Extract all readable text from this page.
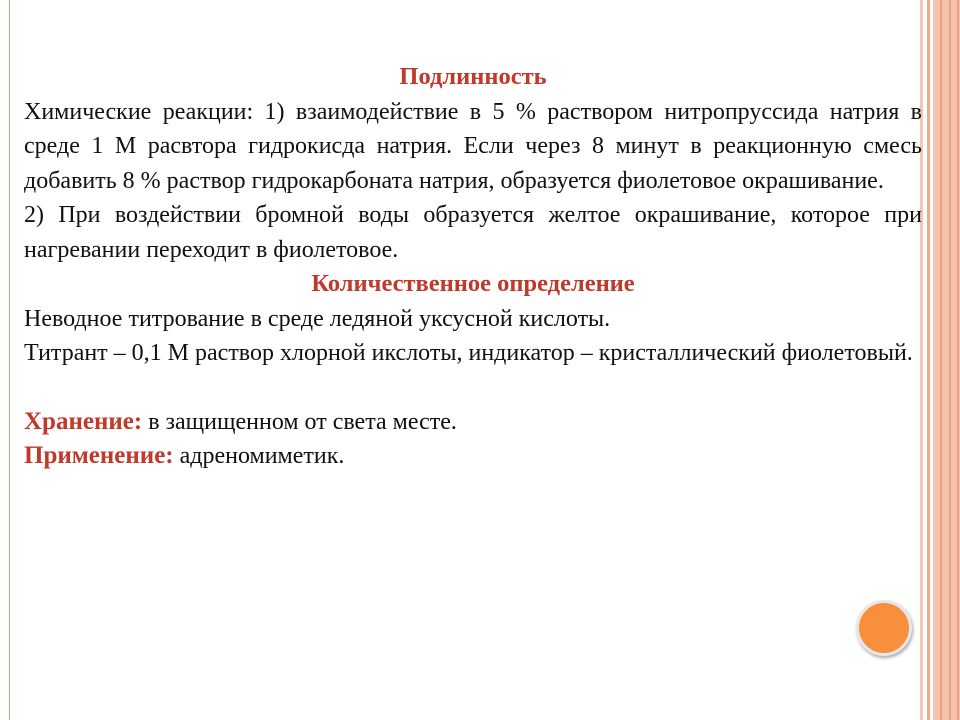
Подлинность

Химические реакции: 1) взаимодействие в 5 % раствором нитропруссида натрия в среде 1 М расвтора гидрокисда натрия. Если через 8 минут в реакционную смесь добавить 8 % раствор гидрокарбоната натрия, образуется фиолетовое окрашивание.

2) При воздействии бромной воды образуется желтое окрашивание, которое при нагревании переходит в фиолетовое.

Количественное определение

Неводное титрование в среде ледяной уксусной кислоты.

Титрант – 0,1 М раствор хлорной икслоты, индикатор – кристаллический фиолетовый.

Хранение: в защищенном от света месте.

Применение: адреномиметик.
